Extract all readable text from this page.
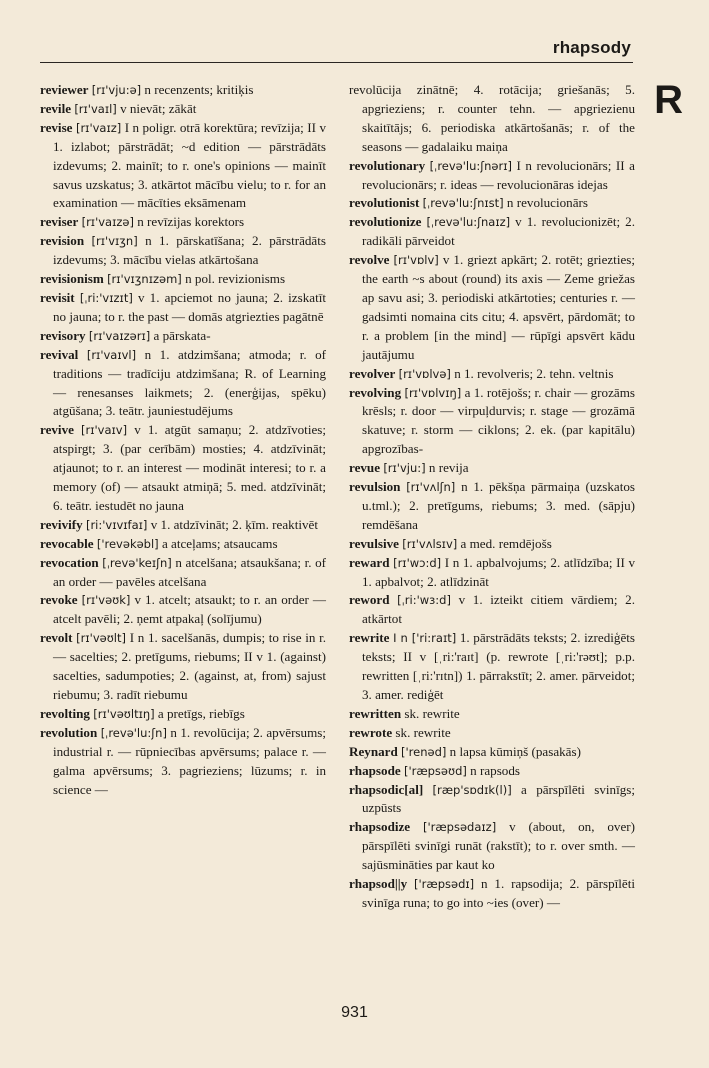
rhapsody
R

reviewer [rɪ'vju:ə] n recenzents; kritiķis

revile [rɪ'vaɪl] v nievāt; zākāt

revise [rɪ'vaɪz] I n poligr. otrā korektūra; revīzija; II v 1. izlabot; pārstrādāt; ~d edition — pārstrādāts izdevums; 2. mainīt; to r. one's opinions — mainīt savus uzskatus; 3. atkārtot mācību vielu; to r. for an examination — mācīties eksāmenam

reviser [rɪ'vaɪzə] n revīzijas korektors

revision [rɪ'vɪʒn] n 1. pārskatīšana; 2. pārstrādāts izdevums; 3. mācību vielas atkārtošana

revisionism [rɪ'vɪʒnɪzəm] n pol. revizionisms

revisit [ˌri:'vɪzɪt] v 1. apciemot no jauna; 2. izskatīt no jauna; to r. the past — domās atgriezties pagātnē

revisory [rɪ'vaɪzərɪ] a pārskata-

revival [rɪ'vaɪvl] n 1. atdzimšana; atmoda; r. of traditions — tradīciju atdzimšana; R. of Learning — renesanses laikmets; 2. (enerģijas, spēku) atgūšana; 3. teātr. jauniestudējums

revive [rɪ'vaɪv] v 1. atgūt samaņu; 2. atdzīvoties; atspirgt; 3. (par cerībām) mosties; 4. atdzīvināt; atjaunot; to r. an interest — modināt interesi; to r. a memory (of) — atsaukt atmiņā; 5. med. atdzīvināt; 6. teātr. iestudēt no jauna

revivify [ri:'vɪvɪfaɪ] v 1. atdzīvināt; 2. ķīm. reaktivēt

revocable ['revəkəbl] a atceļams; atsaucams

revocation [ˌrevə'keɪʃn] n atcelšana; atsaukšana; r. of an order — pavēles atcelšana

revoke [rɪ'vəʊk] v 1. atcelt; atsaukt; to r. an order — atcelt pavēli; 2. ņemt atpakaļ (solījumu)

revolt [rɪ'vəʊlt] I n 1. sacelšanās, dumpis; to rise in r. — sacelties; 2. pretīgums, riebums; II v 1. (against) sacelties, sadumpoties; 2. (against, at, from) sajust riebumu; 3. radīt riebumu

revolting [rɪ'vəʊltɪŋ] a pretīgs, riebīgs

revolution [ˌrevə'lu:ʃn] n 1. revolūcija; 2. apvērsums; industrial r. — rūpniecības apvērsums; palace r. — galma apvērsums; 3. pagrieziens; lūzums; r. in science —

revolūcija zinātnē; 4. rotācija; griešanās; 5. apgrieziens; r. counter tehn. — apgriezienu skaitītājs; 6. periodiska atkārtošanās; r. of the seasons — gadalaiku maiņa

revolutionary [ˌrevə'lu:ʃnərɪ] I n revolucionārs; II a revolucionārs; r. ideas — revolucionāras idejas

revolutionist [ˌrevə'lu:ʃnɪst] n revolucionārs

revolutionize [ˌrevə'lu:ʃnaɪz] v 1. revolucionizēt; 2. radikāli pārveidot

revolve [rɪ'vɒlv] v 1. griezt apkārt; 2. rotēt; griezties; the earth ~s about (round) its axis — Zeme griežas ap savu asi; 3. periodiski atkārtoties; centuries r. — gadsimti nomaina cits citu; 4. apsvērt, pārdomāt; to r. a problem [in the mind] — rūpīgi apsvērt kādu jautājumu

revolver [rɪ'vɒlvə] n 1. revolveris; 2. tehn. veltnis

revolving [rɪ'vɒlvɪŋ] a 1. rotējošs; r. chair — grozāms krēsls; r. door — virpuļdurvis; r. stage — grozāmā skatuve; r. storm — ciklons; 2. ek. (par kapitālu) apgrozības-

revue [rɪ'vju:] n revija

revulsion [rɪ'vʌlʃn] n 1. pēkšņa pārmaiņa (uzskatos u.tml.); 2. pretīgums, riebums; 3. med. (sāpju) remdēšana

revulsive [rɪ'vʌlsɪv] a med. remdējošs

reward [rɪ'wɔ:d] I n 1. apbalvojums; 2. atlīdzība; II v 1. apbalvot; 2. atlīdzināt

reword [ˌri:'wɜ:d] v 1. izteikt citiem vārdiem; 2. atkārtot

rewrite I n ['ri:raɪt] 1. pārstrādāts teksts; 2. izrediģēts teksts; II v [ˌri:'raɪt] (p. rewrote [ˌri:'rəʊt]; p.p. rewritten [ˌri:'rɪtn]) 1. pārrakstīt; 2. amer. pārveidot; 3. amer. rediģēt

rewritten sk. rewrite

rewrote sk. rewrite

Reynard ['renəd] n lapsa kūmiņš (pasakās)

rhapsode ['ræpsəʊd] n rapsods

rhapsodic[al] [ræp'sɒdɪk(l)] a pārspīlēti svinīgs; uzpūsts

rhapsodize ['ræpsədaɪz] v (about, on, over) pārspīlēti svinīgi runāt (rakstīt); to r. over smth. — sajūsmināties par kaut ko

rhapsod||y ['ræpsədɪ] n 1. rapsodija; 2. pārspīlēti svinīga runa; to go into ~ies (over) —

931
